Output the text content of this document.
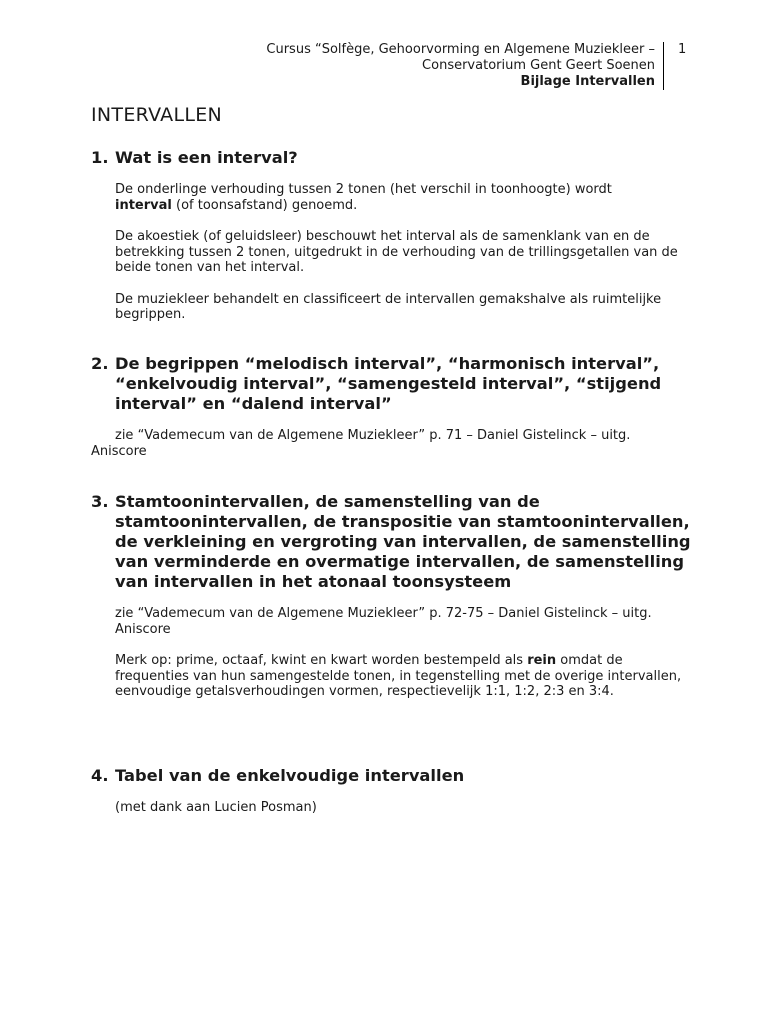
Cursus “Solfège, Gehoorvorming en Algemene Muziekleer –
Conservatorium Gent Geert Soenen
Bijlage Intervallen
1
INTERVALLEN
1. Wat is een interval?
De onderlinge verhouding tussen 2 tonen (het verschil in toonhoogte) wordt
interval (of toonsafstand) genoemd.
De akoestiek (of geluidsleer) beschouwt het interval als de samenklank van en de betrekking tussen 2 tonen, uitgedrukt in de verhouding van de trillingsgetallen van de beide tonen van het interval.
De muziekleer behandelt en classificeert de intervallen gemakshalve als ruimtelijke begrippen.
2. De begrippen “melodisch interval”, “harmonisch interval”, “enkelvoudig interval”, “samengesteld interval”, “stijgend interval” en “dalend interval”
zie “Vademecum van de Algemene Muziekleer” p. 71 – Daniel Gistelinck – uitg. Aniscore
3. Stamtoonintervallen, de samenstelling van de stamtoonintervallen, de transpositie van stamtoonintervallen, de verkleining en vergroting van intervallen, de samenstelling van verminderde en overmatige intervallen, de samenstelling van intervallen in het atonaal toonsysteem
zie “Vademecum van de Algemene Muziekleer” p. 72-75 – Daniel Gistelinck – uitg. Aniscore
Merk op: prime, octaaf, kwint en kwart worden bestempeld als rein omdat de frequenties van hun samengestelde tonen, in tegenstelling met de overige intervallen, eenvoudige getalsverhoudingen vormen, respectievelijk 1:1, 1:2, 2:3 en 3:4.
4. Tabel van de enkelvoudige intervallen
(met dank aan Lucien Posman)
